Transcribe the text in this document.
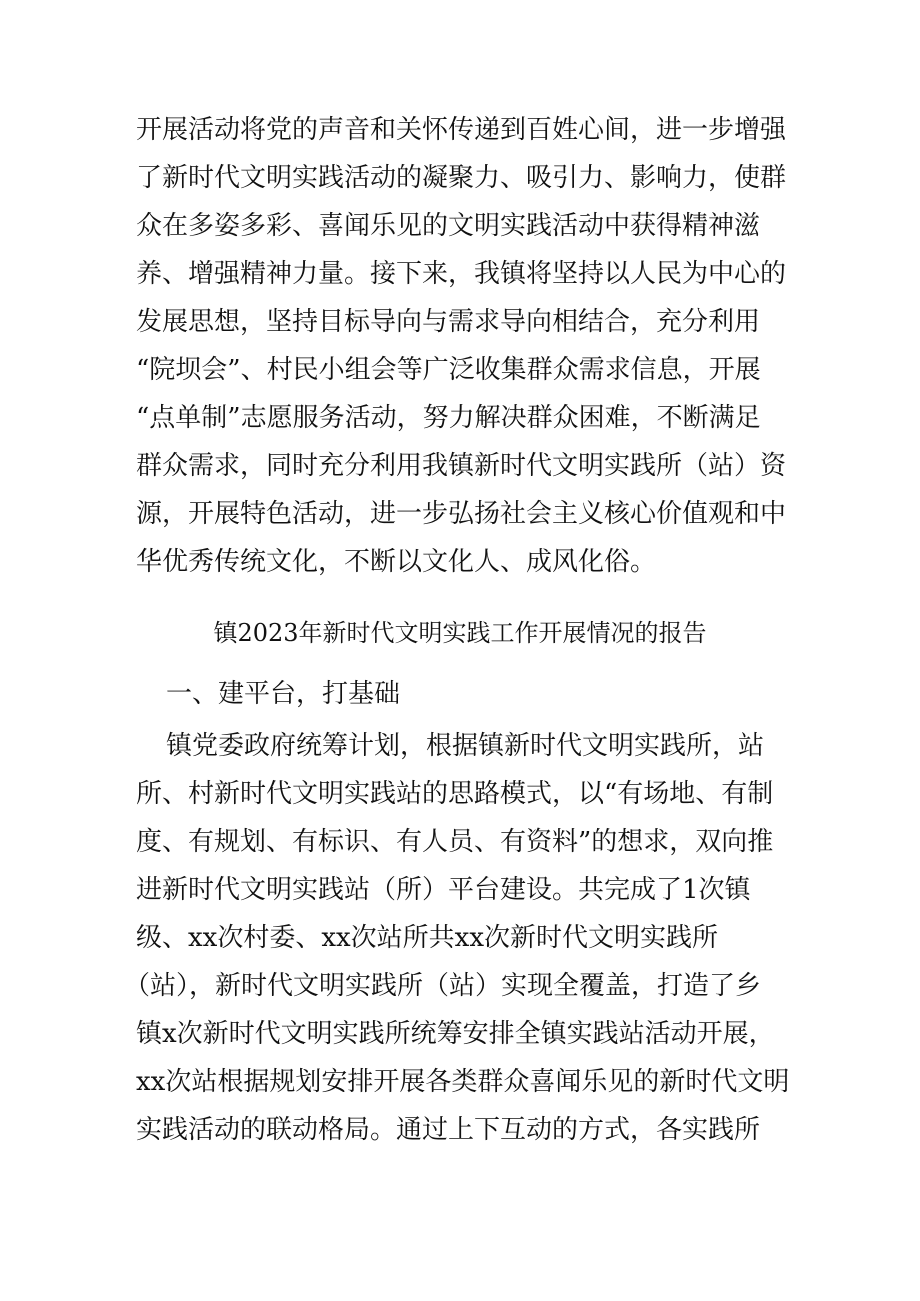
开展活动将党的声音和关怀传递到百姓心间，进一步增强
了新时代文明实践活动的凝聚力、吸引力、影响力，使群
众在多姿多彩、喜闻乐见的文明实践活动中获得精神滋
养、增强精神力量。接下来，我镇将坚持以人民为中心的
发展思想，坚持目标导向与需求导向相结合，充分利用
“院坝会”、村民小组会等广泛收集群众需求信息，开展
“点单制”志愿服务活动，努力解决群众困难，不断满足
群众需求，同时充分利用我镇新时代文明实践所（站）资
源，开展特色活动，进一步弘扬社会主义核心价值观和中
华优秀传统文化，不断以文化人、成风化俗。
镇2023年新时代文明实践工作开展情况的报告
一、建平台，打基础
镇党委政府统筹计划，根据镇新时代文明实践所，站
所、村新时代文明实践站的思路模式，以“有场地、有制
度、有规划、有标识、有人员、有资料”的想求，双向推
进新时代文明实践站（所）平台建设。共完成了1次镇
级、xx次村委、xx次站所共xx次新时代文明实践所
（站），新时代文明实践所（站）实现全覆盖，打造了乡
镇x次新时代文明实践所统筹安排全镇实践站活动开展，
xx次站根据规划安排开展各类群众喜闻乐见的新时代文明
实践活动的联动格局。通过上下互动的方式，各实践所
